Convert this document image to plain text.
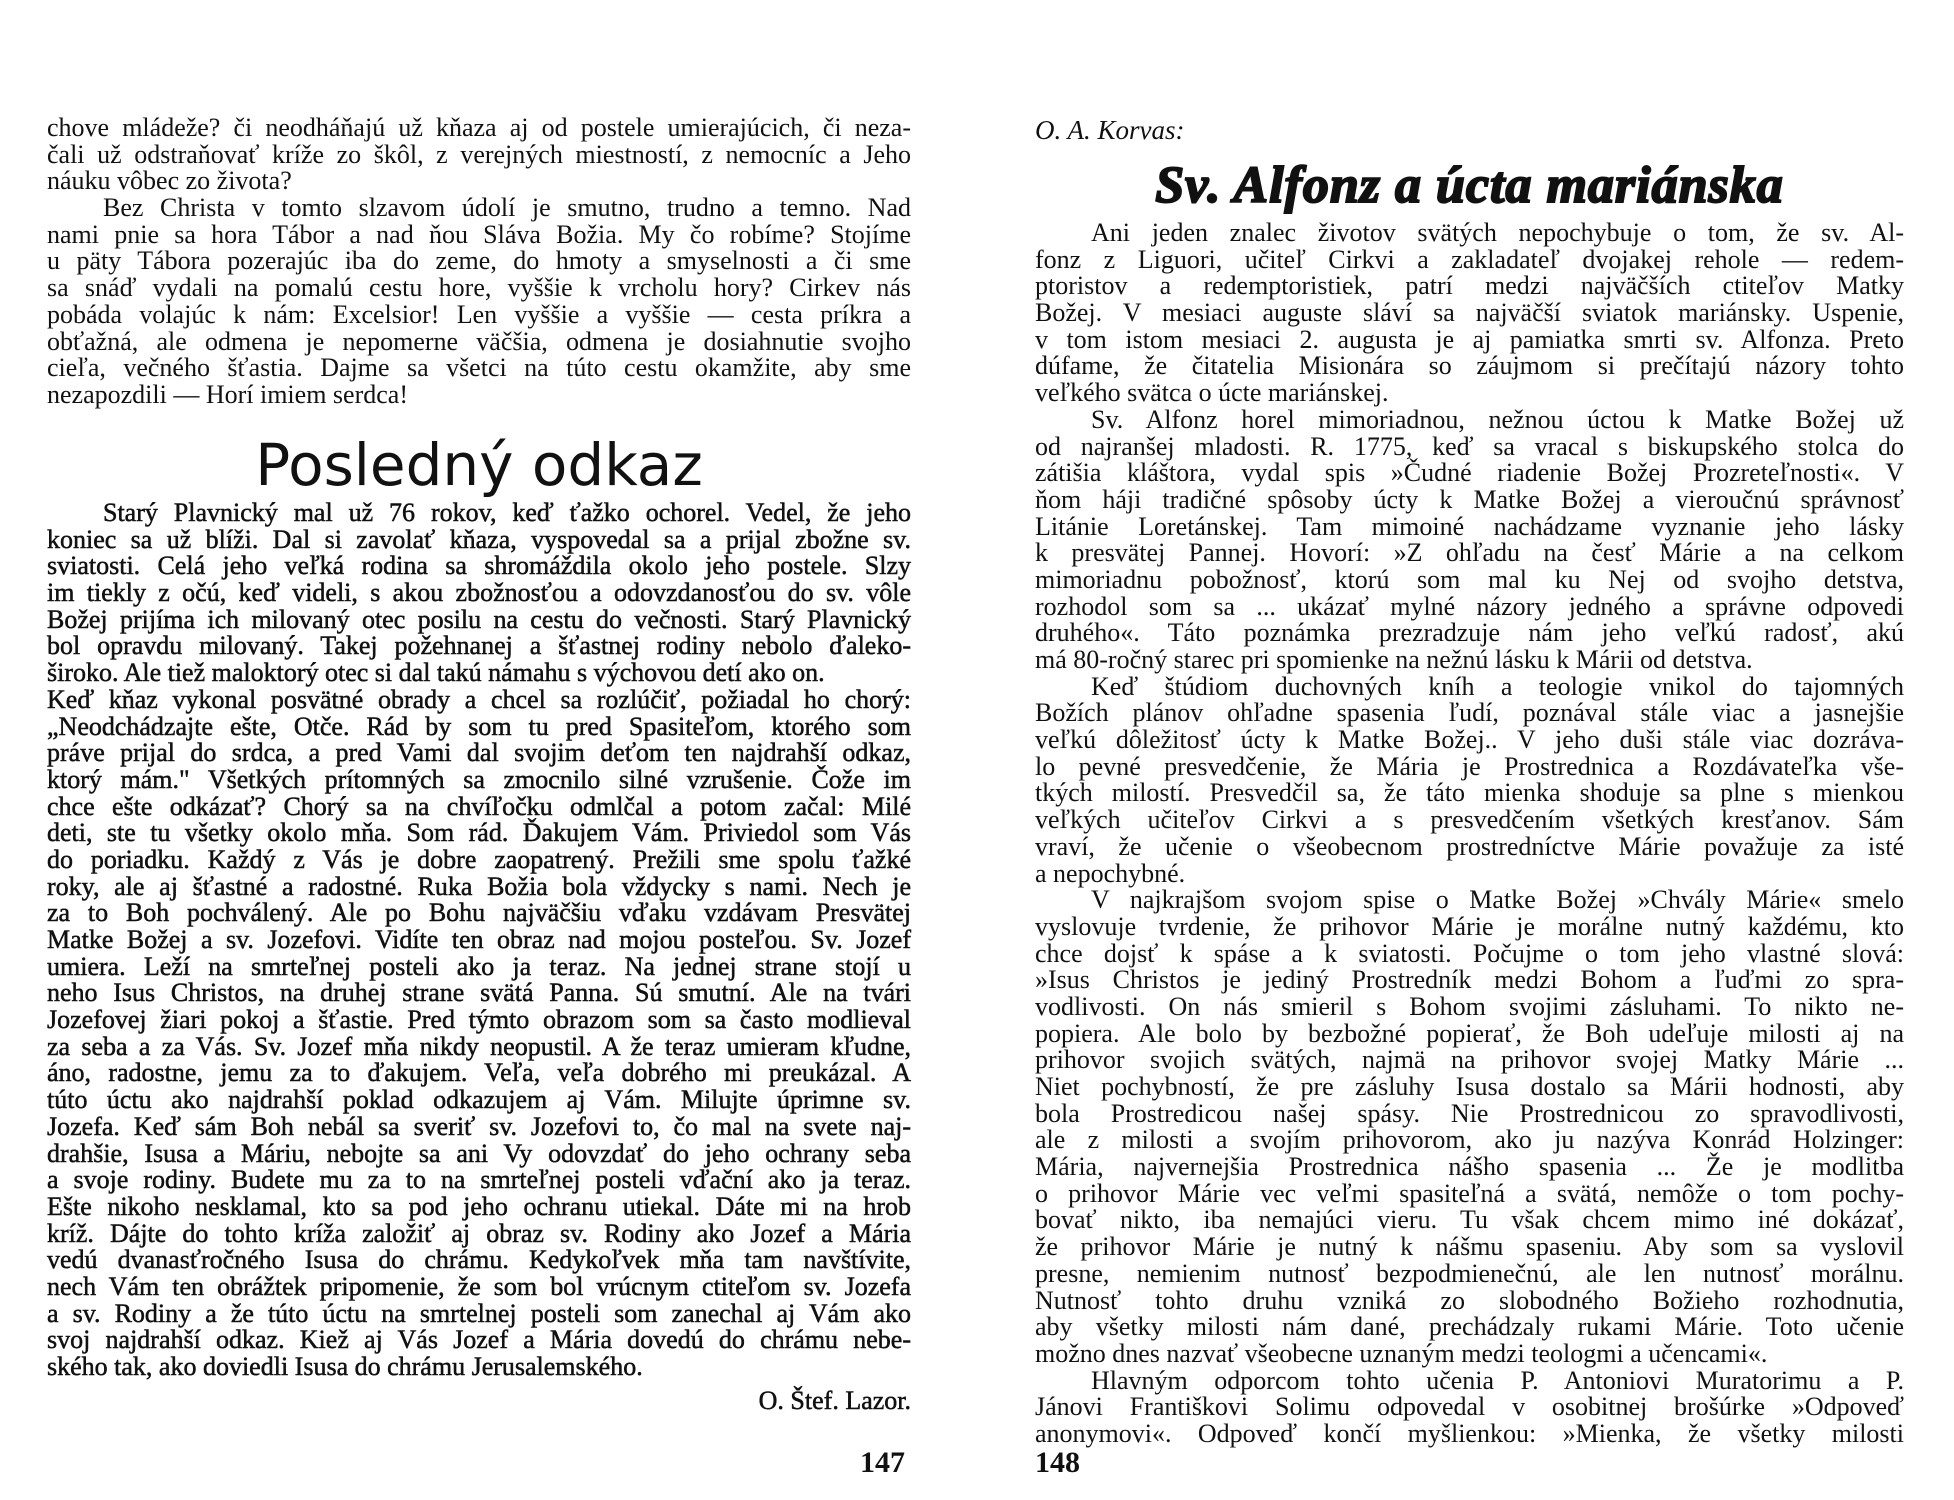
chove mládeže? či neodháňajú už kňaza aj od postele umierajúcich, či neza-
čali už odstraňovať kríže zo škôl, z verejných miestností, z nemocníc a Jeho
náuku vôbec zo života?
Bez Christa v tomto slzavom údolí je smutno, trudno a temno. Nad
nami pnie sa hora Tábor a nad ňou Sláva Božia. My čo robíme? Stojíme
u päty Tábora pozerajúc iba do zeme, do hmoty a smyselnosti a či sme
sa snáď vydali na pomalú cestu hore, vyššie k vrcholu hory? Cirkev nás
pobáda volajúc k nám: Excelsior! Len vyššie a vyššie — cesta príkra a
obťažná, ale odmena je nepomerne väčšia, odmena je dosiahnutie svojho
cieľa, večného šťastia. Dajme sa všetci na túto cestu okamžite, aby sme
nezapozdili — Horí imiem serdca!
Posledný odkaz
Starý Plavnický mal už 76 rokov, keď ťažko ochorel. Vedel, že jeho
koniec sa už blíži. Dal si zavolať kňaza, vyspovedal sa a prijal zbožne sv.
sviatosti. Celá jeho veľká rodina sa shromáždila okolo jeho postele. Slzy
im tiekly z očú, keď videli, s akou zbožnosťou a odovzdanosťou do sv. vôle
Božej prijíma ich milovaný otec posilu na cestu do večnosti. Starý Plavnický
bol opravdu milovaný. Takej požehnanej a šťastnej rodiny nebolo ďaleko-
široko. Ale tiež maloktorý otec si dal takú námahu s výchovou detí ako on.
Keď kňaz vykonal posvätné obrady a chcel sa rozlúčiť, požiadal ho chorý:
„Neodchádzajte ešte, Otče. Rád by som tu pred Spasiteľom, ktorého som
práve prijal do srdca, a pred Vami dal svojim deťom ten najdrahší odkaz,
ktorý mám." Všetkých prítomných sa zmocnilo silné vzrušenie. Čože im
chce ešte odkázať? Chorý sa na chvíľočku odmlčal a potom začal: Milé
deti, ste tu všetky okolo mňa. Som rád. Ďakujem Vám. Priviedol som Vás
do poriadku. Každý z Vás je dobre zaopatrený. Prežili sme spolu ťažké
roky, ale aj šťastné a radostné. Ruka Božia bola vždycky s nami. Nech je
za to Boh pochválený. Ale po Bohu najväčšiu vďaku vzdávam Presvätej
Matke Božej a sv. Jozefovi. Vidíte ten obraz nad mojou posteľou. Sv. Jozef
umiera. Leží na smrteľnej posteli ako ja teraz. Na jednej strane stojí u
neho Isus Christos, na druhej strane svätá Panna. Sú smutní. Ale na tvári
Jozefovej žiari pokoj a šťastie. Pred týmto obrazom som sa často modlieval
za seba a za Vás. Sv. Jozef mňa nikdy neopustil. A že teraz umieram kľudne,
áno, radostne, jemu za to ďakujem. Veľa, veľa dobrého mi preukázal. A
túto úctu ako najdrahší poklad odkazujem aj Vám. Milujte úprimne sv.
Jozefa. Keď sám Boh nebál sa sveriť sv. Jozefovi to, čo mal na svete naj-
drahšie, Isusa a Máriu, nebojte sa ani Vy odovzdať do jeho ochrany seba
a svoje rodiny. Budete mu za to na smrteľnej posteli vďační ako ja teraz.
Ešte nikoho nesklamal, kto sa pod jeho ochranu utiekal. Dáte mi na hrob
kríž. Dájte do tohto kríža založiť aj obraz sv. Rodiny ako Jozef a Mária
vedú dvanasťročného Isusa do chrámu. Kedykoľvek mňa tam navštívite,
nech Vám ten obrážtek pripomenie, že som bol vrúcnym ctiteľom sv. Jozefa
a sv. Rodiny a že túto úctu na smrtelnej posteli som zanechal aj Vám ako
svoj najdrahší odkaz. Kiež aj Vás Jozef a Mária dovedú do chrámu nebe-
ského tak, ako doviedli Isusa do chrámu Jerusalemského.
O. Štef. Lazor.
147
O. A. Korvas:
Sv. Alfonz a úcta mariánska
Ani jeden znalec životov svätých nepochybuje o tom, že sv. Al-
fonz z Liguori, učiteľ Cirkvi a zakladateľ dvojakej rehole — redem-
ptoristov a redemptoristiek, patrí medzi najväčších ctiteľov Matky
Božej. V mesiaci auguste sláví sa najväčší sviatok mariánsky. Uspenie,
v tom istom mesiaci 2. augusta je aj pamiatka smrti sv. Alfonza. Preto
dúfame, že čitatelia Misionára so záujmom si prečítajú názory tohto
veľkého svätca o úcte mariánskej.
Sv. Alfonz horel mimoriadnou, nežnou úctou k Matke Božej už
od najranšej mladosti. R. 1775, keď sa vracal s biskupského stolca do
zátišia kláštora, vydal spis »Čudné riadenie Božej Prozreteľnosti«. V
ňom háji tradičné spôsoby úcty k Matke Božej a vieroučnú správnosť
Litánie Loretánskej. Tam mimoiné nachádzame vyznanie jeho lásky
k presvätej Pannej. Hovorí: »Z ohľadu na česť Márie a na celkom
mimoriadnu pobožnosť, ktorú som mal ku Nej od svojho detstva,
rozhodol som sa ... ukázať mylné názory jedného a správne odpovedi
druhého«. Táto poznámka prezradzuje nám jeho veľkú radosť, akú
má 80-ročný starec pri spomienke na nežnú lásku k Márii od detstva.
Keď štúdiom duchovných kníh a teologie vnikol do tajomných
Božích plánov ohľadne spasenia ľudí, poznával stále viac a jasnejšie
veľkú dôležitosť úcty k Matke Božej.. V jeho duši stále viac dozráva-
lo pevné presvedčenie, že Mária je Prostrednica a Rozdávateľka vše-
tkých milostí. Presvedčil sa, že táto mienka shoduje sa plne s mienkou
veľkých učiteľov Cirkvi a s presvedčením všetkých kresťanov. Sám
vraví, že učenie o všeobecnom prostredníctve Márie považuje za isté
a nepochybné.
V najkrajšom svojom spise o Matke Božej »Chvály Márie« smelo
vyslovuje tvrdenie, že prihovor Márie je morálne nutný každému, kto
chce dojsť k spáse a k sviatosti. Počujme o tom jeho vlastné slová:
»Isus Christos je jediný Prostredník medzi Bohom a ľuďmi zo spra-
vodlivosti. On nás smieril s Bohom svojimi zásluhami. To nikto ne-
popiera. Ale bolo by bezbožné popierať, že Boh udeľuje milosti aj na
prihovor svojich svätých, najmä na prihovor svojej Matky Márie ...
Niet pochybností, že pre zásluhy Isusa dostalo sa Márii hodnosti, aby
bola Prostredicou našej spásy. Nie Prostrednicou zo spravodlivosti,
ale z milosti a svojím prihovorom, ako ju nazýva Konrád Holzinger:
Mária, najvernejšia Prostrednica nášho spasenia ... Že je modlitba
o prihovor Márie vec veľmi spasiteľná a svätá, nemôže o tom pochy-
bovať nikto, iba nemajúci vieru. Tu však chcem mimo iné dokázať,
že prihovor Márie je nutný k nášmu spaseniu. Aby som sa vyslovil
presne, nemienim nutnosť bezpodmienečnú, ale len nutnosť morálnu.
Nutnosť tohto druhu vzniká zo slobodného Božieho rozhodnutia,
aby všetky milosti nám dané, prechádzaly rukami Márie. Toto učenie
možno dnes nazvať všeobecne uznaným medzi teologmi a učencami«.
Hlavným odporcom tohto učenia P. Antoniovi Muratorimu a P.
Jánovi Františkovi Solimu odpovedal v osobitnej brošúrke »Odpoveď
anonymovi«. Odpoveď končí myšlienkou: »Mienka, že všetky milosti
148
